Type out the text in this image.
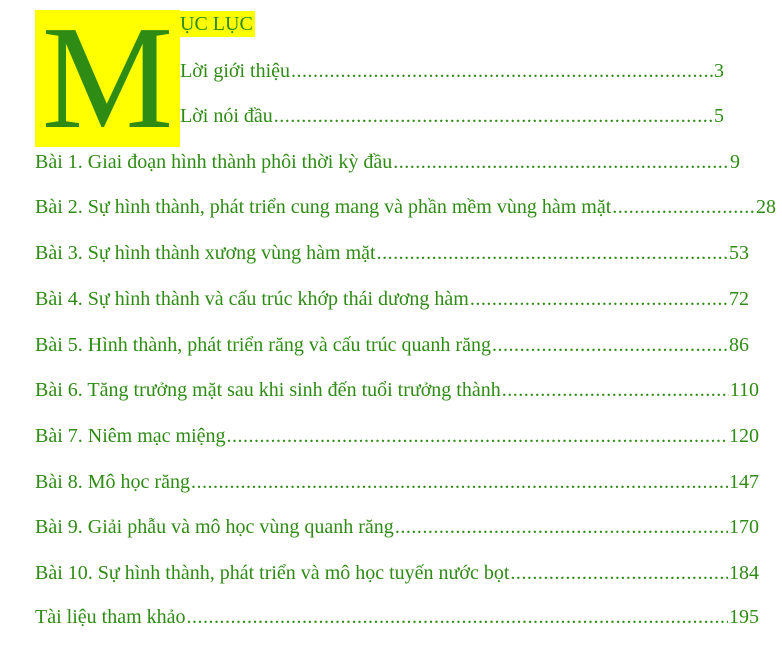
M ỤC LỤC
Lời giới thiệu .....	3
Lời nói đầu .....	5
Bài 1. Giai đoạn hình thành phôi thời kỳ đầu .....	9
Bài 2. Sự hình thành, phát triển cung mang và phần mềm vùng hàm mặt .....	28
Bài 3. Sự hình thành xương vùng hàm mặt .....	53
Bài 4. Sự hình thành và cấu trúc khớp thái dương hàm .....	72
Bài 5. Hình thành, phát triển răng và cấu trúc quanh răng .....	86
Bài 6. Tăng trưởng mặt sau khi sinh đến tuổi trưởng thành .....	110
Bài 7. Niêm mạc miệng .....	120
Bài 8. Mô học răng .....	147
Bài 9. Giải phẫu và mô học vùng quanh răng .....	170
Bài 10. Sự hình thành, phát triển và mô học tuyến nước bọt .....	184
Tài liệu tham khảo .....	195
